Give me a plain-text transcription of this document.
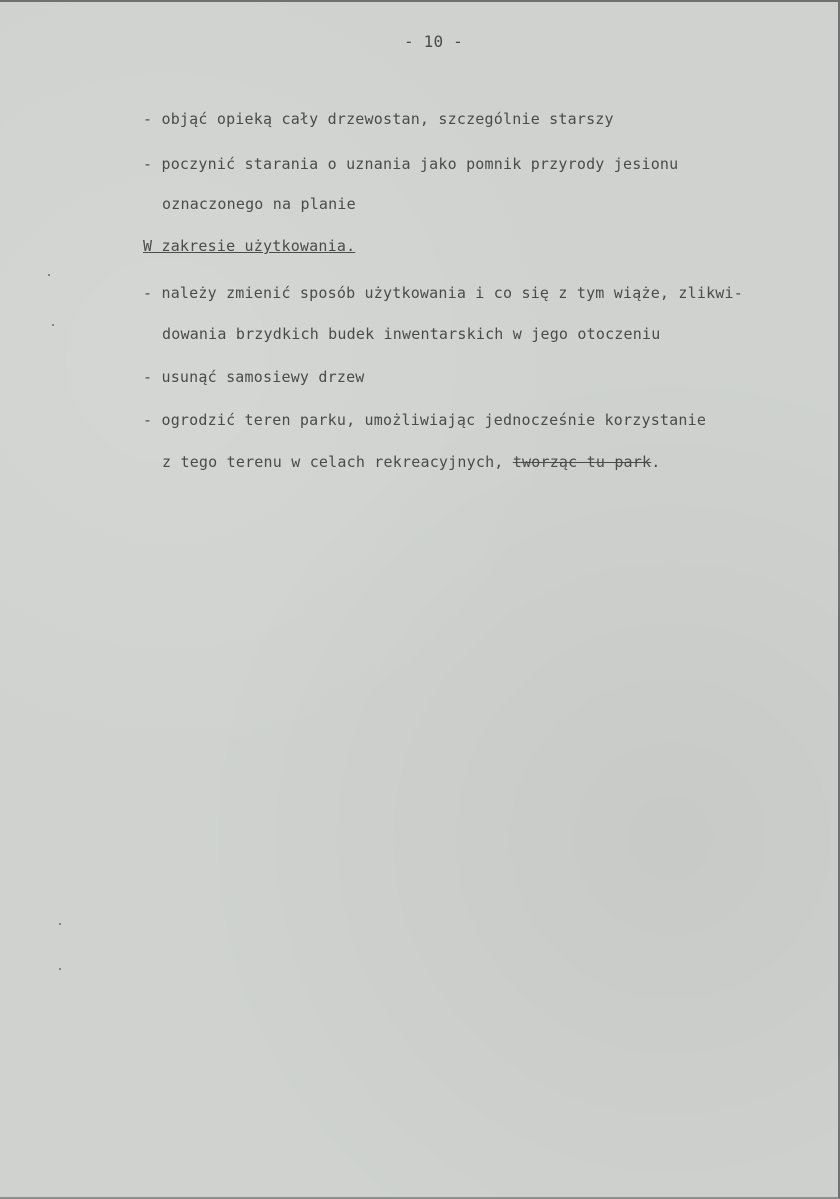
- 10 -
- objąć opieką cały drzewostan, szczególnie starszy
- poczynić starania o uznania jako pomnik przyrody jesionu
oznaczonego na planie
W zakresie użytkowania.
- należy zmienić sposób użytkowania i co się z tym wiąże, zlikwi-
dowania brzydkich budek inwentarskich w jego otoczeniu
- usunąć samosiewy drzew
- ogrodzić teren parku, umożliwiając jednocześnie korzystanie
z tego terenu w celach rekreacyjnych, tworząc tu park.
